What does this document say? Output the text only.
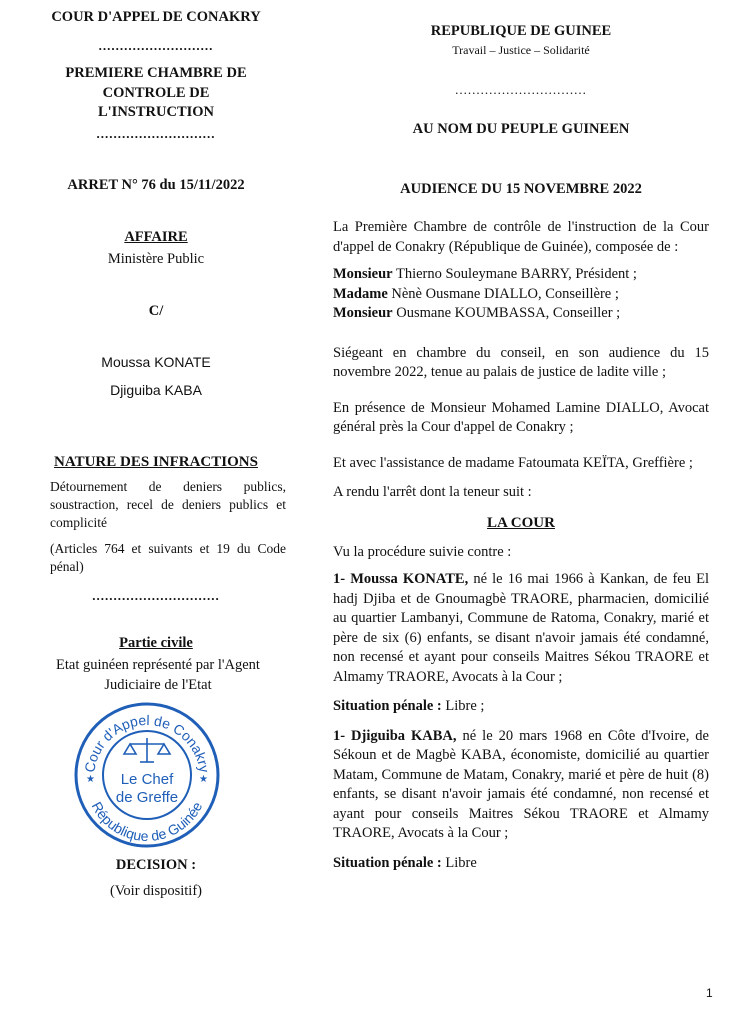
COUR D'APPEL DE CONAKRY
...........................
PREMIERE CHAMBRE DE
CONTROLE DE
L'INSTRUCTION
............................
ARRET N° 76 du 15/11/2022
AFFAIRE
Ministère Public
C/
Moussa KONATE
Djiguiba KABA
NATURE DES INFRACTIONS
Détournement de deniers publics, soustraction, recel de deniers publics et complicité
(Articles 764 et suivants et 19 du Code pénal)
..............................
Partie civile
Etat guinéen représenté par l'Agent Judiciaire de l'Etat
Cour d'Appel de Conakry
République de Guinée
Le Chef
de Greffe
★	★
DECISION :
(Voir dispositif)
REPUBLIQUE DE GUINEE
Travail – Justice – Solidarité
...............................
AU NOM DU PEUPLE GUINEEN
AUDIENCE DU 15 NOVEMBRE 2022

La Première Chambre de contrôle de l'instruction de la Cour d'appel de Conakry (République de Guinée), composée de :

Monsieur Thierno Souleymane BARRY, Président ;
Madame Nènè Ousmane DIALLO, Conseillère ;
Monsieur Ousmane KOUMBASSA, Conseiller ;

Siégeant en chambre du conseil, en son audience du 15 novembre 2022, tenue au palais de justice de ladite ville ;

En présence de Monsieur Mohamed Lamine DIALLO, Avocat général près la Cour d'appel de Conakry ;

Et avec l'assistance de madame Fatoumata KEÏTA, Greffière ;

A rendu l'arrêt dont la teneur suit :

LA COUR

Vu la procédure suivie contre :

1- Moussa KONATE, né le 16 mai 1966 à Kankan, de feu El hadj Djiba et de Gnoumagbè TRAORE, pharmacien, domicilié au quartier Lambanyi, Commune de Ratoma, Conakry, marié et père de six (6) enfants, se disant n'avoir jamais été condamné, non recensé et ayant pour conseils Maitres Sékou TRAORE et Almamy TRAORE, Avocats à la Cour ;

Situation pénale : Libre ;

1- Djiguiba KABA, né le 20 mars 1968 en Côte d'Ivoire, de Sékoun et de Magbè KABA, économiste, domicilié au quartier Matam, Commune de Matam, Conakry, marié et père de huit (8) enfants, se disant n'avoir jamais été condamné, non recensé et ayant pour conseils Maitres Sékou TRAORE et Almamy TRAORE, Avocats à la Cour ;

Situation pénale : Libre

1
